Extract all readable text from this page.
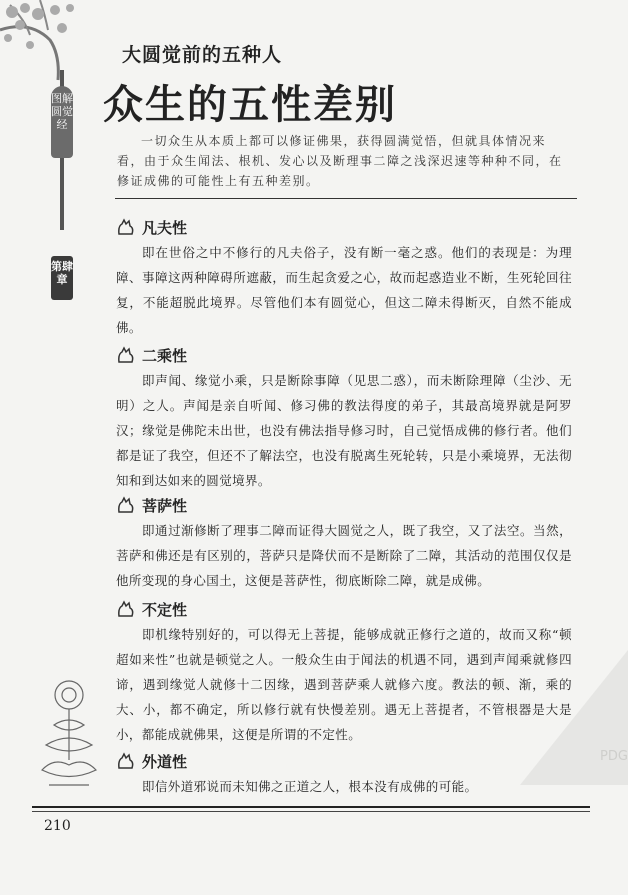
图解圆觉经
第肆章
大圆觉前的五种人
众生的五性差别
一切众生从本质上都可以修证佛果，获得圆满觉悟，但就具体情况来看，由于众生闻法、根机、发心以及断理事二障之浅深迟速等种种不同，在修证成佛的可能性上有五种差别。
凡夫性
即在世俗之中不修行的凡夫俗子，没有断一毫之惑。他们的表现是：为理障、事障这两种障碍所遮蔽，而生起贪爱之心，故而起惑造业不断，生死轮回往复，不能超脱此境界。尽管他们本有圆觉心，但这二障未得断灭，自然不能成佛。
二乘性
即声闻、缘觉小乘，只是断除事障（见思二惑），而未断除理障（尘沙、无明）之人。声闻是亲自听闻、修习佛的教法得度的弟子，其最高境界就是阿罗汉；缘觉是佛陀未出世，也没有佛法指导修习时，自己觉悟成佛的修行者。他们都是证了我空，但还不了解法空，也没有脱离生死轮转，只是小乘境界，无法彻知和到达如来的圆觉境界。
菩萨性
即通过渐修断了理事二障而证得大圆觉之人，既了我空，又了法空。当然，菩萨和佛还是有区别的，菩萨只是降伏而不是断除了二障，其活动的范围仅仅是他所变现的身心国土，这便是菩萨性，彻底断除二障，就是成佛。
不定性
即机缘特别好的，可以得无上菩提，能够成就正修行之道的，故而又称“顿超如来性”也就是顿觉之人。一般众生由于闻法的机遇不同，遇到声闻乘就修四谛，遇到缘觉人就修十二因缘，遇到菩萨乘人就修六度。教法的顿、渐，乘的大、小，都不确定，所以修行就有快慢差别。遇无上菩提者，不管根器是大是小，都能成就佛果，这便是所谓的不定性。
外道性
即信外道邪说而未知佛之正道之人，根本没有成佛的可能。
PDG
210
